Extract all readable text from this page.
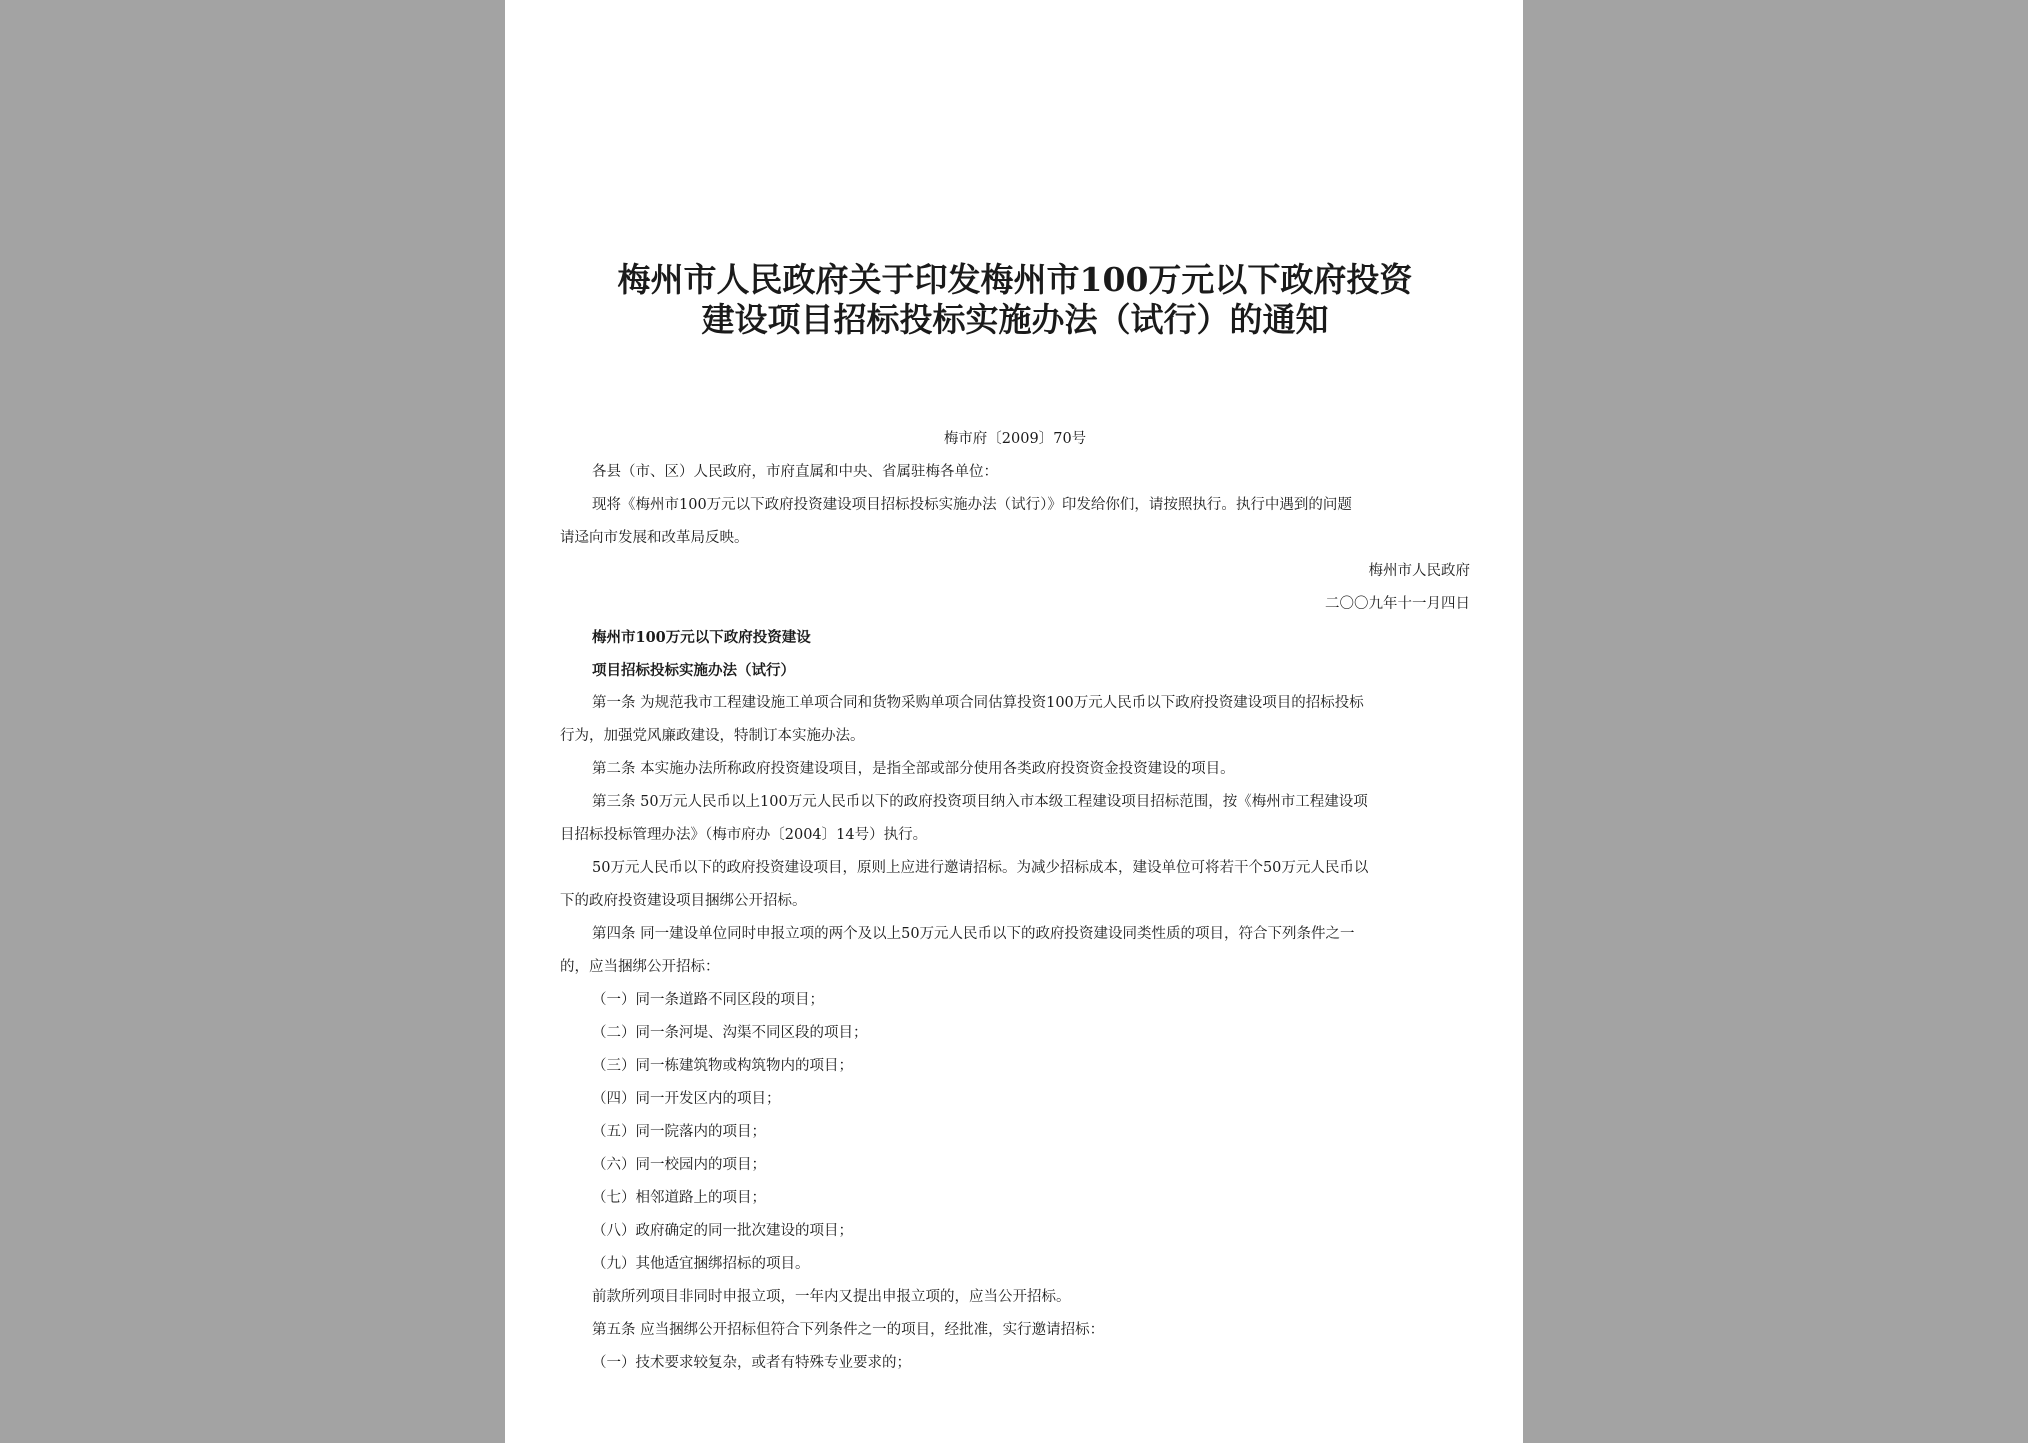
梅州市人民政府关于印发梅州市100万元以下政府投资
建设项目招标投标实施办法（试行）的通知
梅市府〔2009〕70号
各县（市、区）人民政府，市府直属和中央、省属驻梅各单位：
现将《梅州市100万元以下政府投资建设项目招标投标实施办法（试行）》印发给你们，请按照执行。执行中遇到的问题
请迳向市发展和改革局反映。
梅州市人民政府
二〇〇九年十一月四日
梅州市100万元以下政府投资建设
项目招标投标实施办法（试行）
第一条 为规范我市工程建设施工单项合同和货物采购单项合同估算投资100万元人民币以下政府投资建设项目的招标投标
行为，加强党风廉政建设，特制订本实施办法。
第二条 本实施办法所称政府投资建设项目，是指全部或部分使用各类政府投资资金投资建设的项目。
第三条 50万元人民币以上100万元人民币以下的政府投资项目纳入市本级工程建设项目招标范围，按《梅州市工程建设项
目招标投标管理办法》（梅市府办〔2004〕14号）执行。
50万元人民币以下的政府投资建设项目，原则上应进行邀请招标。为减少招标成本，建设单位可将若干个50万元人民币以
下的政府投资建设项目捆绑公开招标。
第四条 同一建设单位同时申报立项的两个及以上50万元人民币以下的政府投资建设同类性质的项目，符合下列条件之一
的，应当捆绑公开招标：
（一）同一条道路不同区段的项目；
（二）同一条河堤、沟渠不同区段的项目；
（三）同一栋建筑物或构筑物内的项目；
（四）同一开发区内的项目；
（五）同一院落内的项目；
（六）同一校园内的项目；
（七）相邻道路上的项目；
（八）政府确定的同一批次建设的项目；
（九）其他适宜捆绑招标的项目。
前款所列项目非同时申报立项，一年内又提出申报立项的，应当公开招标。
第五条 应当捆绑公开招标但符合下列条件之一的项目，经批准，实行邀请招标：
（一）技术要求较复杂，或者有特殊专业要求的；
